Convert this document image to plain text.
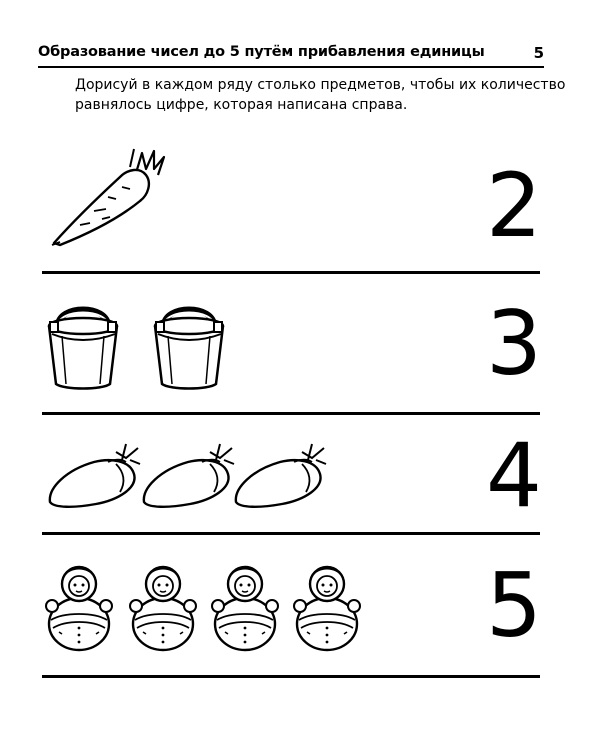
Образование чисел до 5 путём прибавления единицы	5
Дорисуй в каждом ряду столько предметов, чтобы их количество
равнялось цифре, которая написана справа.
2
3
4
5
